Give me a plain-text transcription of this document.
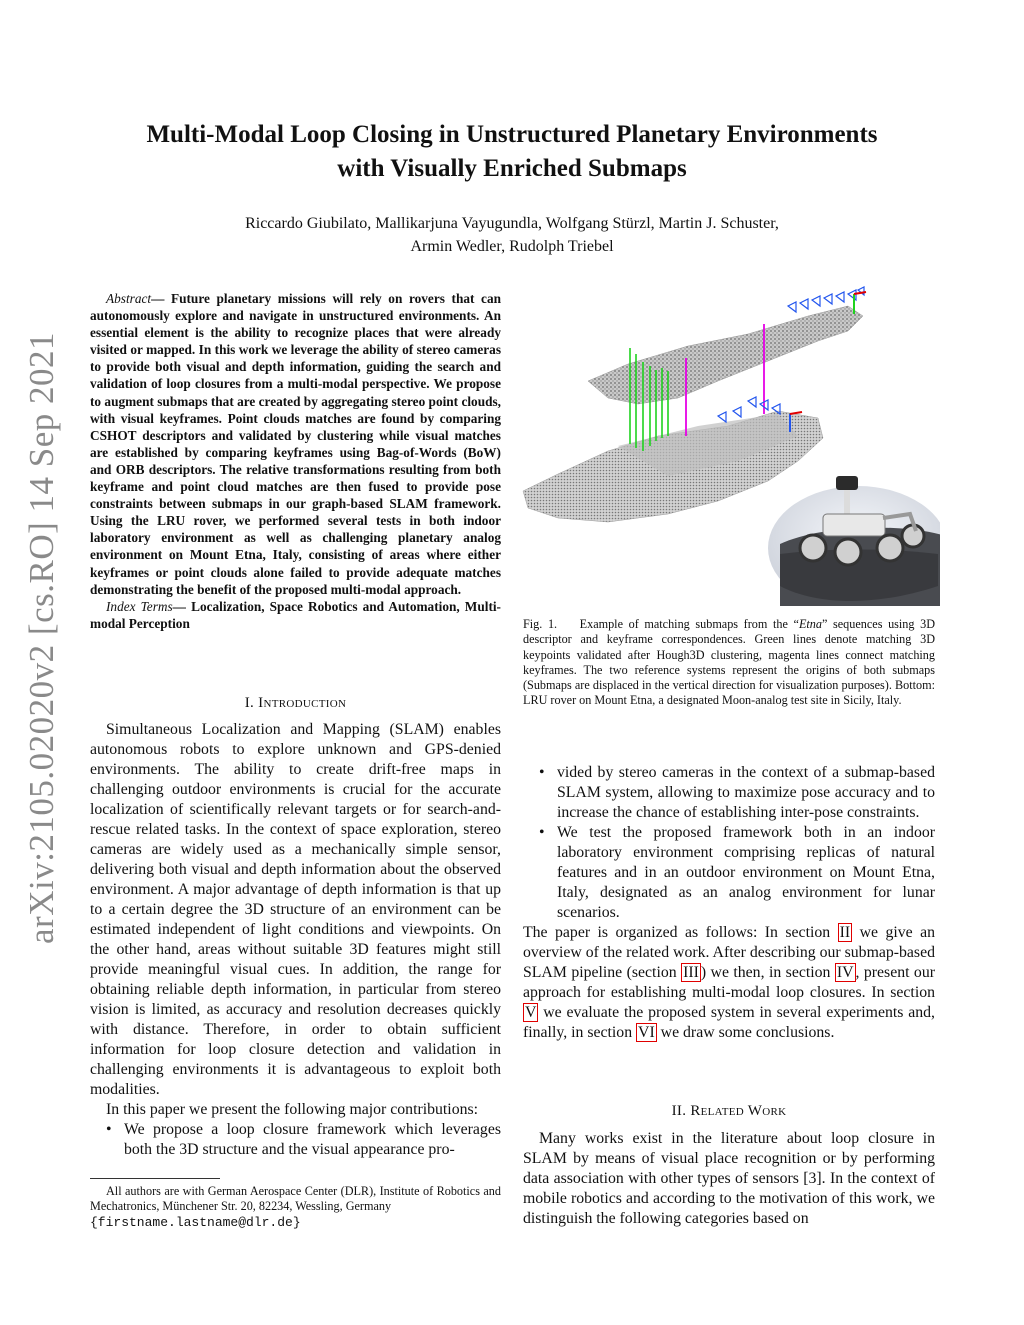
Multi-Modal Loop Closing in Unstructured Planetary Environments
with Visually Enriched Submaps
Riccardo Giubilato, Mallikarjuna Vayugundla, Wolfgang Stürzl, Martin J. Schuster,
Armin Wedler, Rudolph Triebel
arXiv:2105.02020v2 [cs.RO] 14 Sep 2021

Abstract— Future planetary missions will rely on rovers that can autonomously explore and navigate in unstructured environments. An essential element is the ability to recognize places that were already visited or mapped. In this work we leverage the ability of stereo cameras to provide both visual and depth information, guiding the search and validation of loop closures from a multi-modal perspective. We propose to augment submaps that are created by aggregating stereo point clouds, with visual keyframes. Point clouds matches are found by comparing CSHOT descriptors and validated by clustering while visual matches are established by comparing keyframes using Bag-of-Words (BoW) and ORB descriptors. The relative transformations resulting from both keyframe and point cloud matches are then fused to provide pose constraints between submaps in our graph-based SLAM framework. Using the LRU rover, we performed several tests in both indoor laboratory environment as well as challenging planetary analog environment on Mount Etna, Italy, consisting of areas where either keyframes or point clouds alone failed to provide adequate matches demonstrating the benefit of the proposed multi-modal approach.

Index Terms— Localization, Space Robotics and Automation, Multi-modal Perception

I. Introduction

Simultaneous Localization and Mapping (SLAM) enables autonomous robots to explore unknown and GPS-denied environments. The ability to create drift-free maps in challenging outdoor environments is crucial for the accurate localization of scientifically relevant targets or for search-and-rescue related tasks. In the context of space exploration, stereo cameras are widely used as a mechanically simple sensor, delivering both visual and depth information about the observed environment. A major advantage of depth information is that up to a certain degree the 3D structure of an environment can be estimated independent of light conditions and viewpoints. On the other hand, areas without suitable 3D features might still provide meaningful visual cues. In addition, the range for obtaining reliable depth information, in particular from stereo vision is limited, as accuracy and resolution decreases quickly with distance. Therefore, in order to obtain sufficient information for loop closure detection and validation in challenging environments it is advantageous to exploit both modalities.

In this paper we present the following major contributions:

• We propose a loop closure framework which leverages both the 3D structure and the visual appearance pro-

All authors are with German Aerospace Center (DLR), Institute of Robotics and Mechatronics, Münchener Str. 20, 82234, Wessling, Germany

{firstname.lastname@dlr.de}

Fig. 1. Example of matching submaps from the “Etna” sequences using 3D descriptor and keyframe correspondences. Green lines denote matching 3D keypoints validated after Hough3D clustering, magenta lines connect matching keyframes. The two reference systems represent the origins of both submaps (Submaps are displaced in the vertical direction for visualization purposes). Bottom: LRU rover on Mount Etna, a designated Moon-analog test site in Sicily, Italy.
• vided by stereo cameras in the context of a submap-based SLAM system, allowing to maximize pose accuracy and to increase the chance of establishing inter-pose constraints.
• We test the proposed framework both in an indoor laboratory environment comprising replicas of natural features and in an outdoor environment on Mount Etna, Italy, designated as an analog environment for lunar scenarios.

The paper is organized as follows: In section II we give an overview of the related work. After describing our submap-based SLAM pipeline (section III ) we then, in section IV , present our approach for establishing multi-modal loop closures. In section V we evaluate the proposed system in several experiments and, finally, in section VI we draw some conclusions.

II. Related Work

Many works exist in the literature about loop closure in SLAM by means of visual place recognition or by performing data association with other types of sensors [3]. In the context of mobile robotics and according to the motivation of this work, we distinguish the following categories based on
